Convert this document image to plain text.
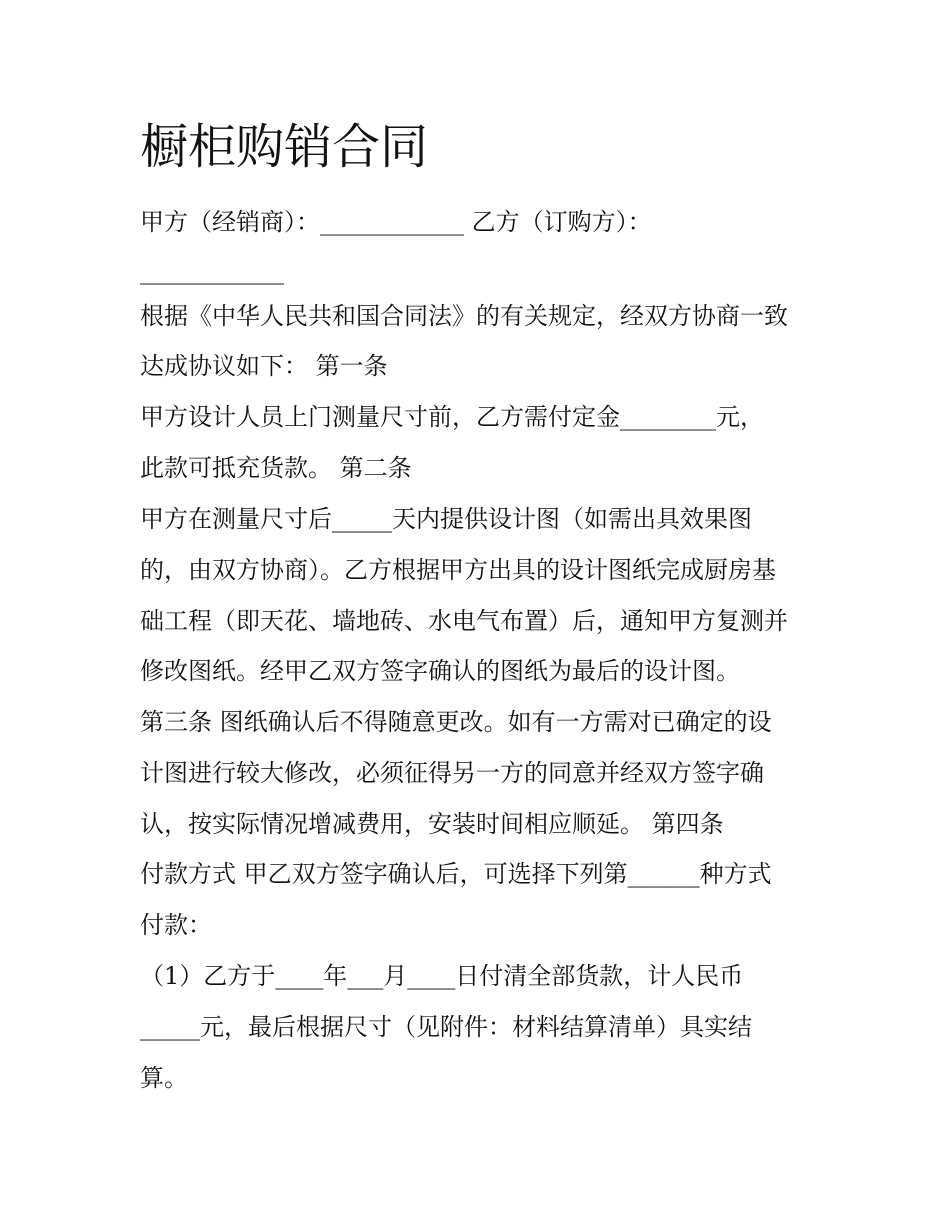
橱柜购销合同
甲方（经销商）：____________ 乙方（订购方）：
____________
根据《中华人民共和国合同法》的有关规定，经双方协商一致
达成协议如下： 第一条
甲方设计人员上门测量尺寸前，乙方需付定金________元，
此款可抵充货款。 第二条
甲方在测量尺寸后_____天内提供设计图（如需出具效果图
的，由双方协商）。乙方根据甲方出具的设计图纸完成厨房基
础工程（即天花、墙地砖、水电气布置）后，通知甲方复测并
修改图纸。经甲乙双方签字确认的图纸为最后的设计图。
第三条 图纸确认后不得随意更改。如有一方需对已确定的设
计图进行较大修改，必须征得另一方的同意并经双方签字确
认，按实际情况增减费用，安装时间相应顺延。 第四条
付款方式 甲乙双方签字确认后，可选择下列第______种方式
付款：
（1）乙方于____年___月____日付清全部货款，计人民币
_____元，最后根据尺寸（见附件：材料结算清单）具实结
算。
